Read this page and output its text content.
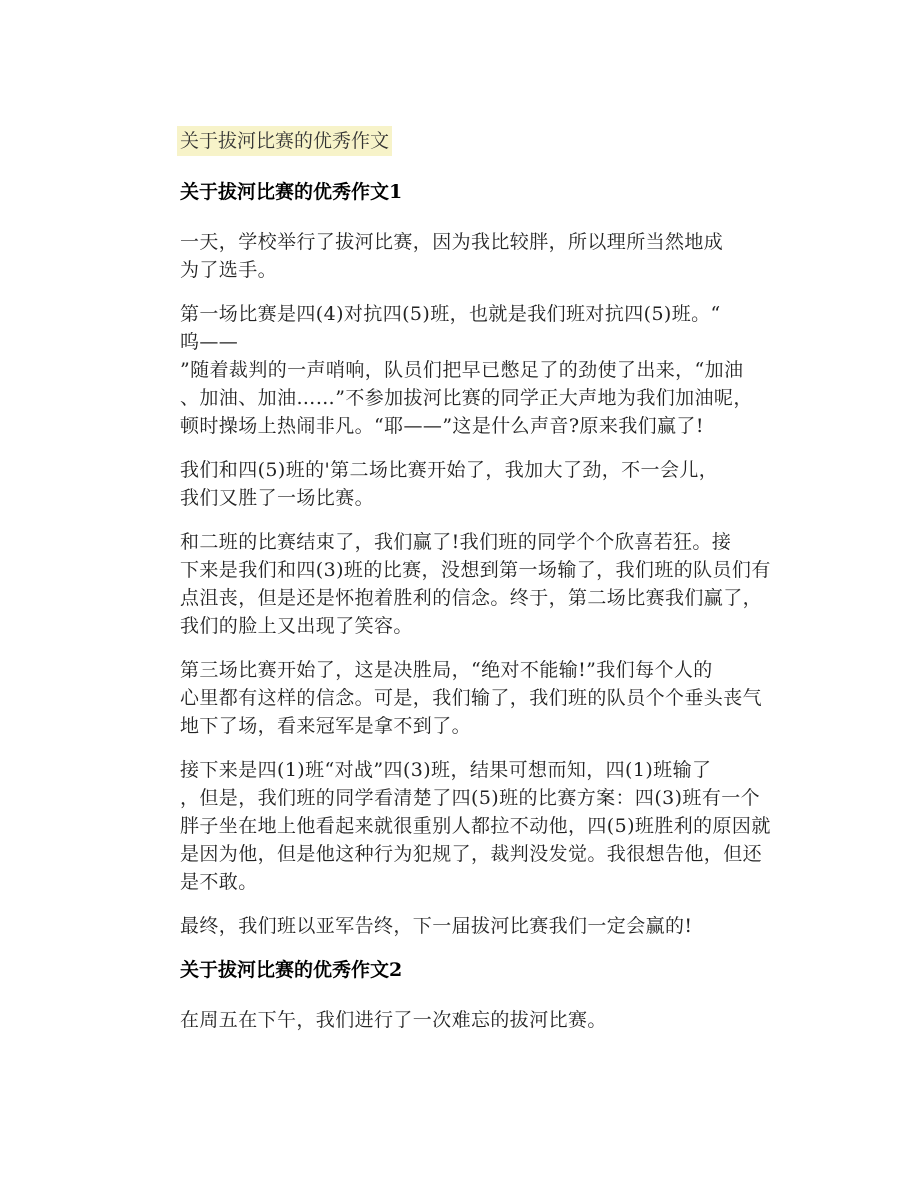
关于拔河比赛的优秀作文
关于拔河比赛的优秀作文1
一天，学校举行了拔河比赛，因为我比较胖，所以理所当然地成
为了选手。
第一场比赛是四(4)对抗四(5)班，也就是我们班对抗四(5)班。“
呜——
”随着裁判的一声哨响，队员们把早已憋足了的劲使了出来，“加油
、加油、加油……”不参加拔河比赛的同学正大声地为我们加油呢，
顿时操场上热闹非凡。“耶——”这是什么声音?原来我们赢了!
我们和四(5)班的'第二场比赛开始了，我加大了劲，不一会儿，
我们又胜了一场比赛。
和二班的比赛结束了，我们赢了!我们班的同学个个欣喜若狂。接
下来是我们和四(3)班的比赛，没想到第一场输了，我们班的队员们有
点沮丧，但是还是怀抱着胜利的信念。终于，第二场比赛我们赢了，
我们的脸上又出现了笑容。
第三场比赛开始了，这是决胜局，“绝对不能输!”我们每个人的
心里都有这样的信念。可是，我们输了，我们班的队员个个垂头丧气
地下了场，看来冠军是拿不到了。
接下来是四(1)班“对战”四(3)班，结果可想而知，四(1)班输了
，但是，我们班的同学看清楚了四(5)班的比赛方案：四(3)班有一个
胖子坐在地上他看起来就很重别人都拉不动他，四(5)班胜利的原因就
是因为他，但是他这种行为犯规了，裁判没发觉。我很想告他，但还
是不敢。
最终，我们班以亚军告终，下一届拔河比赛我们一定会赢的!
关于拔河比赛的优秀作文2
在周五在下午，我们进行了一次难忘的拔河比赛。
